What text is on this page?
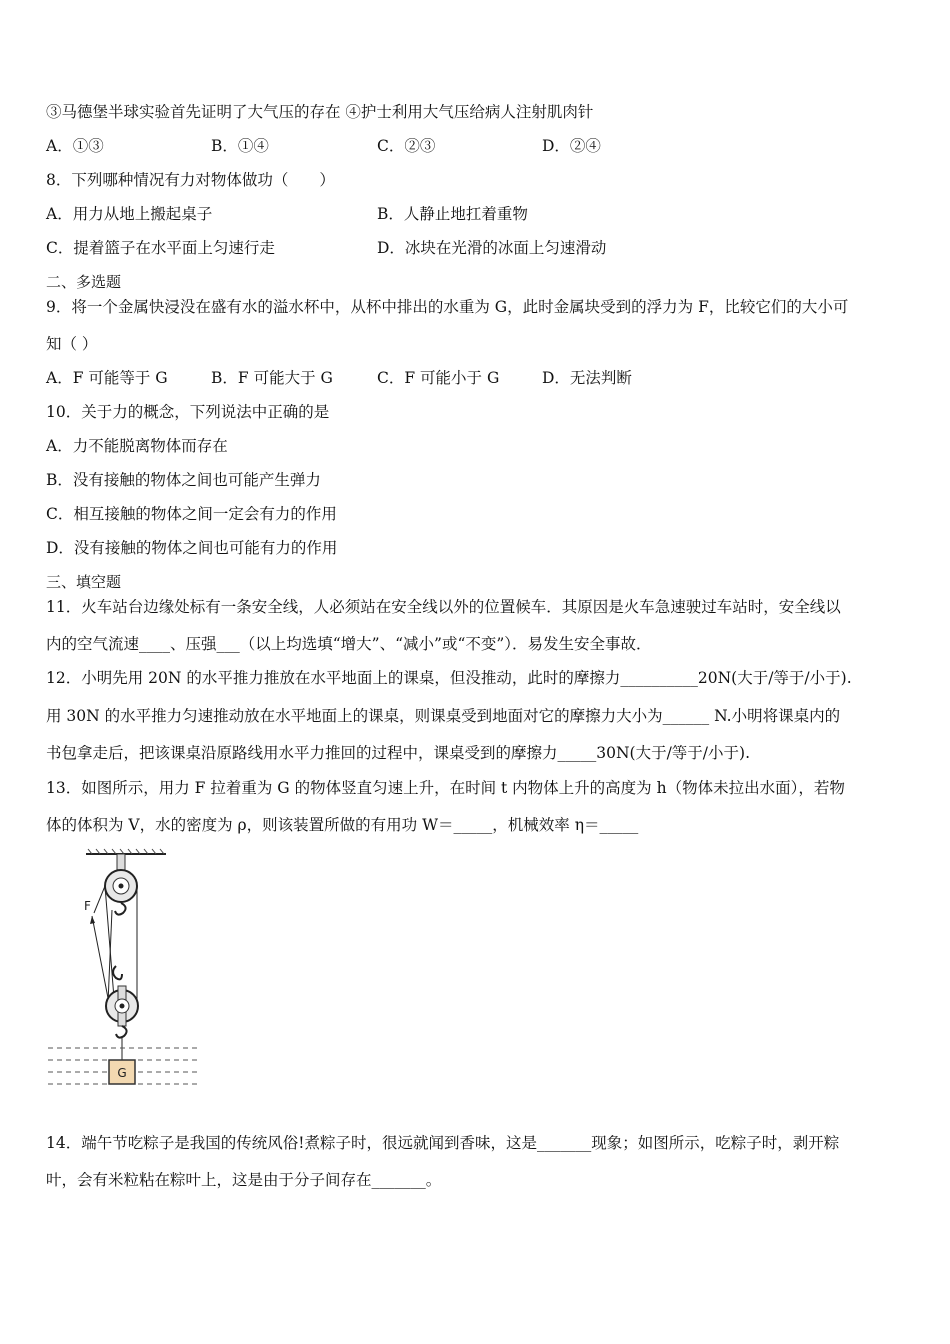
③马德堡半球实验首先证明了大气压的存在 ④护士利用大气压给病人注射肌肉针
A．①③	B．①④	C．②③	D．②④
8．下列哪种情况有力对物体做功（　　）
A．用力从地上搬起桌子	B．人静止地扛着重物
C．提着篮子在水平面上匀速行走	D．冰块在光滑的冰面上匀速滑动
二、多选题
9．将一个金属快浸没在盛有水的溢水杯中，从杯中排出的水重为 G，此时金属块受到的浮力为 F，比较它们的大小可
知（ ）
A．F 可能等于 G	B．F 可能大于 G	C．F 可能小于 G	D．无法判断
10．关于力的概念，下列说法中正确的是
A．力不能脱离物体而存在
B．没有接触的物体之间也可能产生弹力
C．相互接触的物体之间一定会有力的作用
D．没有接触的物体之间也可能有力的作用
三、填空题
11．火车站台边缘处标有一条安全线，人必须站在安全线以外的位置候车．其原因是火车急速驶过车站时，安全线以
内的空气流速____、压强___（以上均选填“增大”、“减小”或“不变”）．易发生安全事故．
12．小明先用 20N 的水平推力推放在水平地面上的课桌，但没推动，此时的摩擦力__________20N(大于/等于/小于).
用 30N 的水平推力匀速推动放在水平地面上的课桌，则课桌受到地面对它的摩擦力大小为______ N.小明将课桌内的
书包拿走后，把该课桌沿原路线用水平力推回的过程中，课桌受到的摩擦力_____30N(大于/等于/小于).
13．如图所示，用力 F 拉着重为 G 的物体竖直匀速上升，在时间 t 内物体上升的高度为 h（物体未拉出水面），若物
体的体积为 V，水的密度为 ρ，则该装置所做的有用功 W＝_____，机械效率 η＝_____
F
G
14．端午节吃粽子是我国的传统风俗!煮粽子时，很远就闻到香味，这是_______现象；如图所示，吃粽子时，剥开粽
叶，会有米粒粘在粽叶上，这是由于分子间存在_______。
